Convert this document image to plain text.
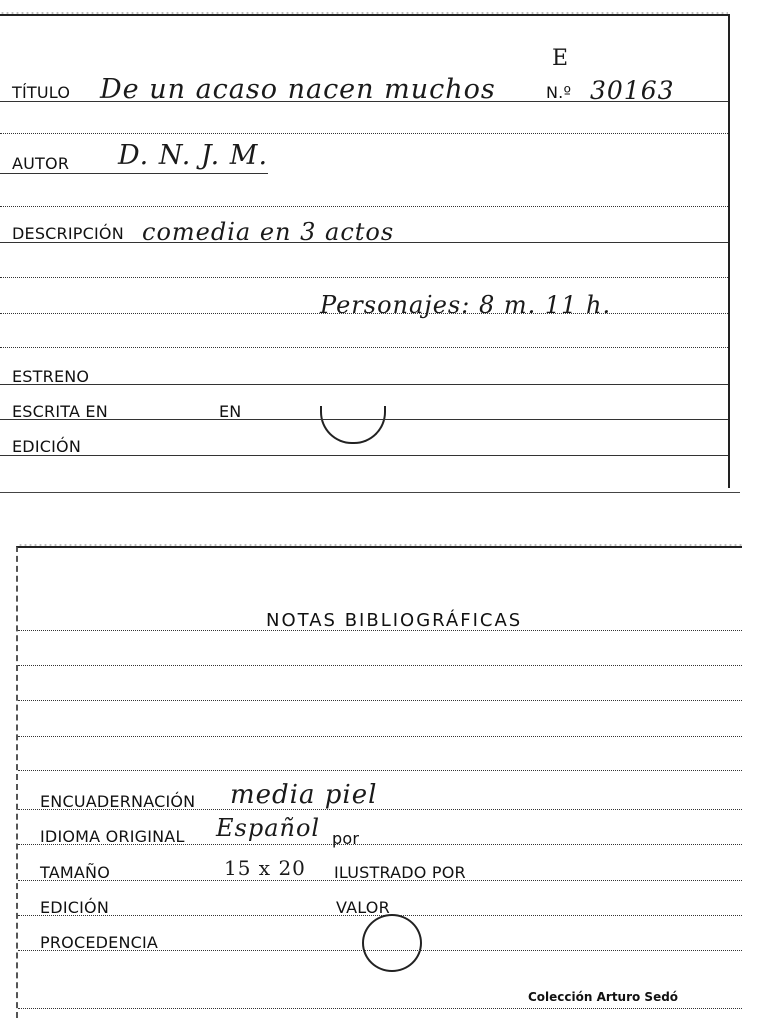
TÍTULO De un acaso nacen muchos	N.º 30163
E
AUTOR D. N. J. M.
DESCRIPCIÓN comedia en 3 actos
Personajes: 8 m. 11 h.
ESTRENO
ESCRITA EN	EN
EDICIÓN
NOTAS BIBLIOGRÁFICAS
ENCUADERNACIÓN media piel
IDIOMA ORIGINAL Español por
TAMAÑO	15 x 20 ILUSTRADO POR
EDICIÓN	VALOR
PROCEDENCIA
Colección Arturo Sedó
